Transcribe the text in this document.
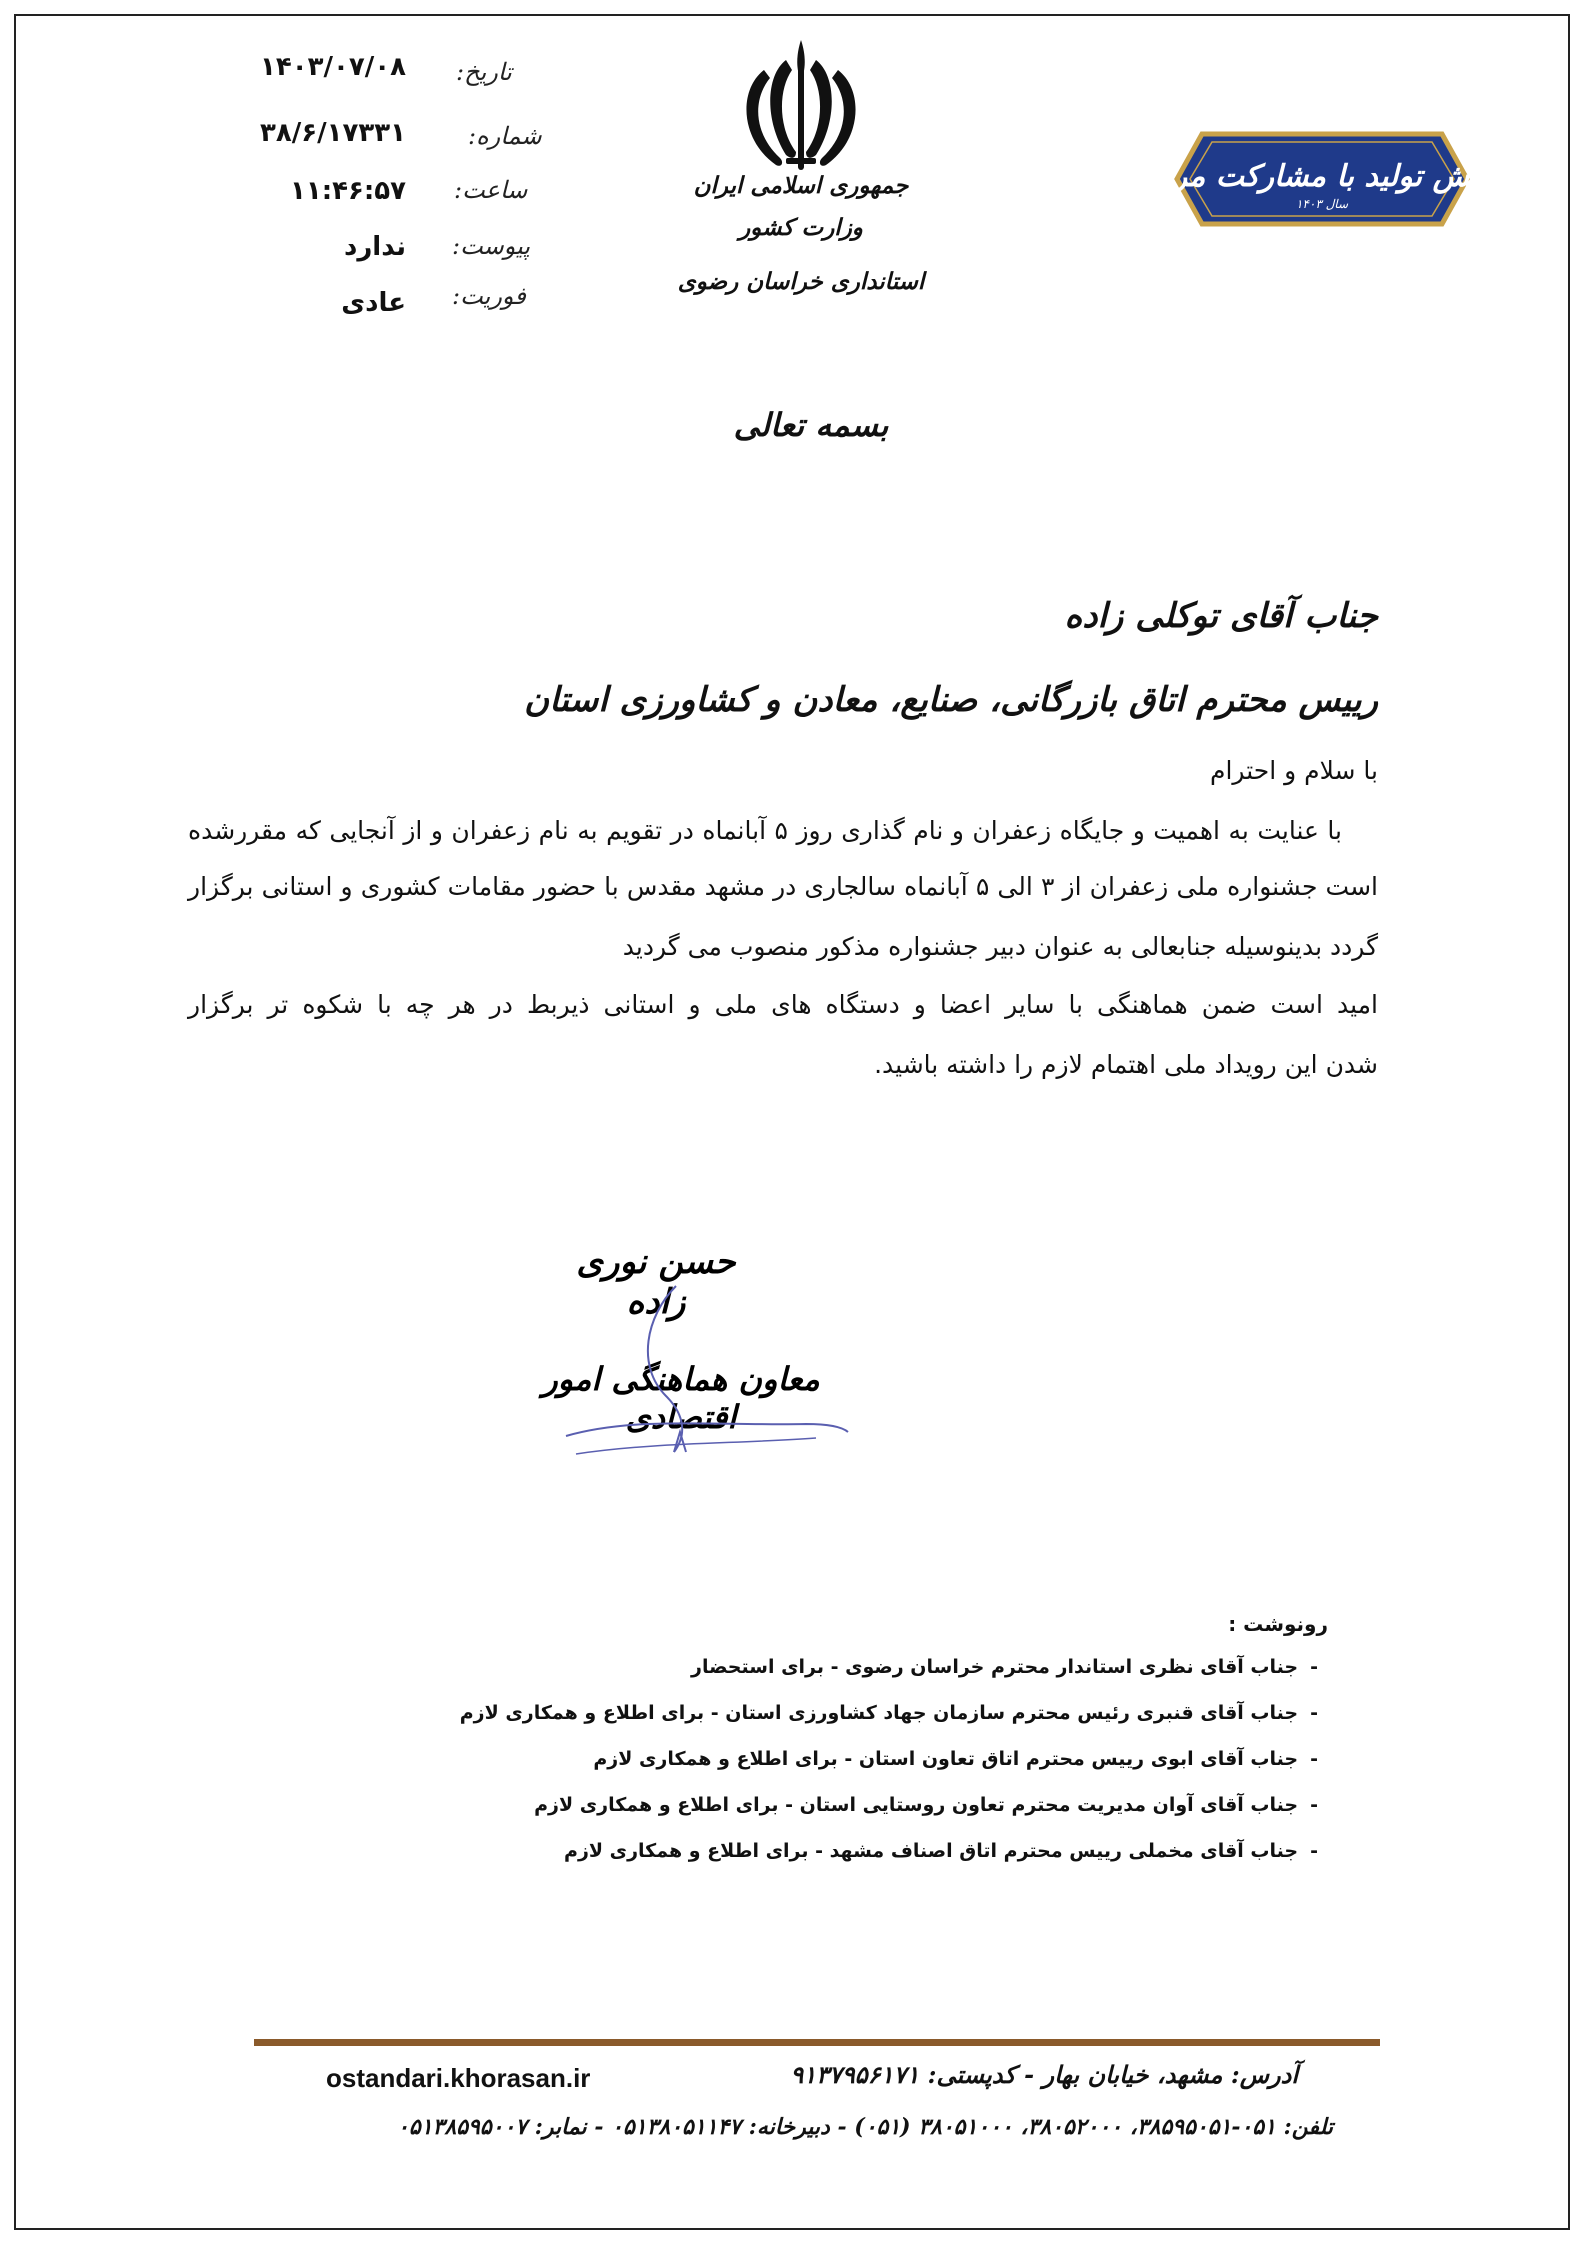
۱۴۰۳/۰۷/۰۸ تاریخ:
۳۸/۶/۱۷۳۳۱	شماره:
۱۱:۴۶:۵۷ ساعت:
ندارد پیوست:
عادی فوریت:
جمهوری اسلامی ایران
وزارت کشور
استانداری خراسان رضوی
جهش تولید با مشارکت مردم
سال ۱۴۰۳
بسمه تعالی
جناب آقای توکلی زاده
رییس محترم اتاق بازرگانی، صنایع، معادن و کشاورزی استان
با سلام و احترام
با عنایت به اهمیت و جایگاه زعفران و نام گذاری روز ۵ آبانماه در تقویم به نام زعفران و از آنجایی که مقررشده
است جشنواره ملی زعفران از ۳ الی ۵ آبانماه سالجاری در مشهد مقدس با حضور مقامات کشوری و استانی برگزار
گردد بدینوسیله جنابعالی به عنوان دبیر جشنواره مذکور منصوب می گردید
امید است ضمن هماهنگی با سایر اعضا و دستگاه های ملی و استانی ذیربط در هر چه با شکوه تر برگزار
شدن این رویداد ملی اهتمام لازم را داشته باشید.
حسن نوری زاده
معاون هماهنگی امور اقتصادی
رونوشت :
-جناب آقای نظری استاندار محترم خراسان رضوی - برای استحضار
-جناب آقای قنبری رئیس محترم سازمان جهاد کشاورزی استان - برای اطلاع و همکاری لازم
-جناب آقای ابوی رییس محترم اتاق تعاون استان - برای اطلاع و همکاری لازم
-جناب آقای آوان مدیریت محترم تعاون روستایی استان - برای اطلاع و همکاری لازم
-جناب آقای مخملی رییس محترم اتاق اصناف مشهد - برای اطلاع و همکاری لازم
ostandari.khorasan.ir	آدرس: مشهد، خیابان بهار - کدپستی: ۹۱۳۷۹۵۶۱۷۱
تلفن: ۰۵۱-۳۸۵۹۵۰۵۱، ۳۸۰۵۲۰۰۰، ۳۸۰۵۱۰۰۰ (۰۵۱) - دبیرخانه: ۰۵۱۳۸۰۵۱۱۴۷ - نمابر: ۰۵۱۳۸۵۹۵۰۰۷
